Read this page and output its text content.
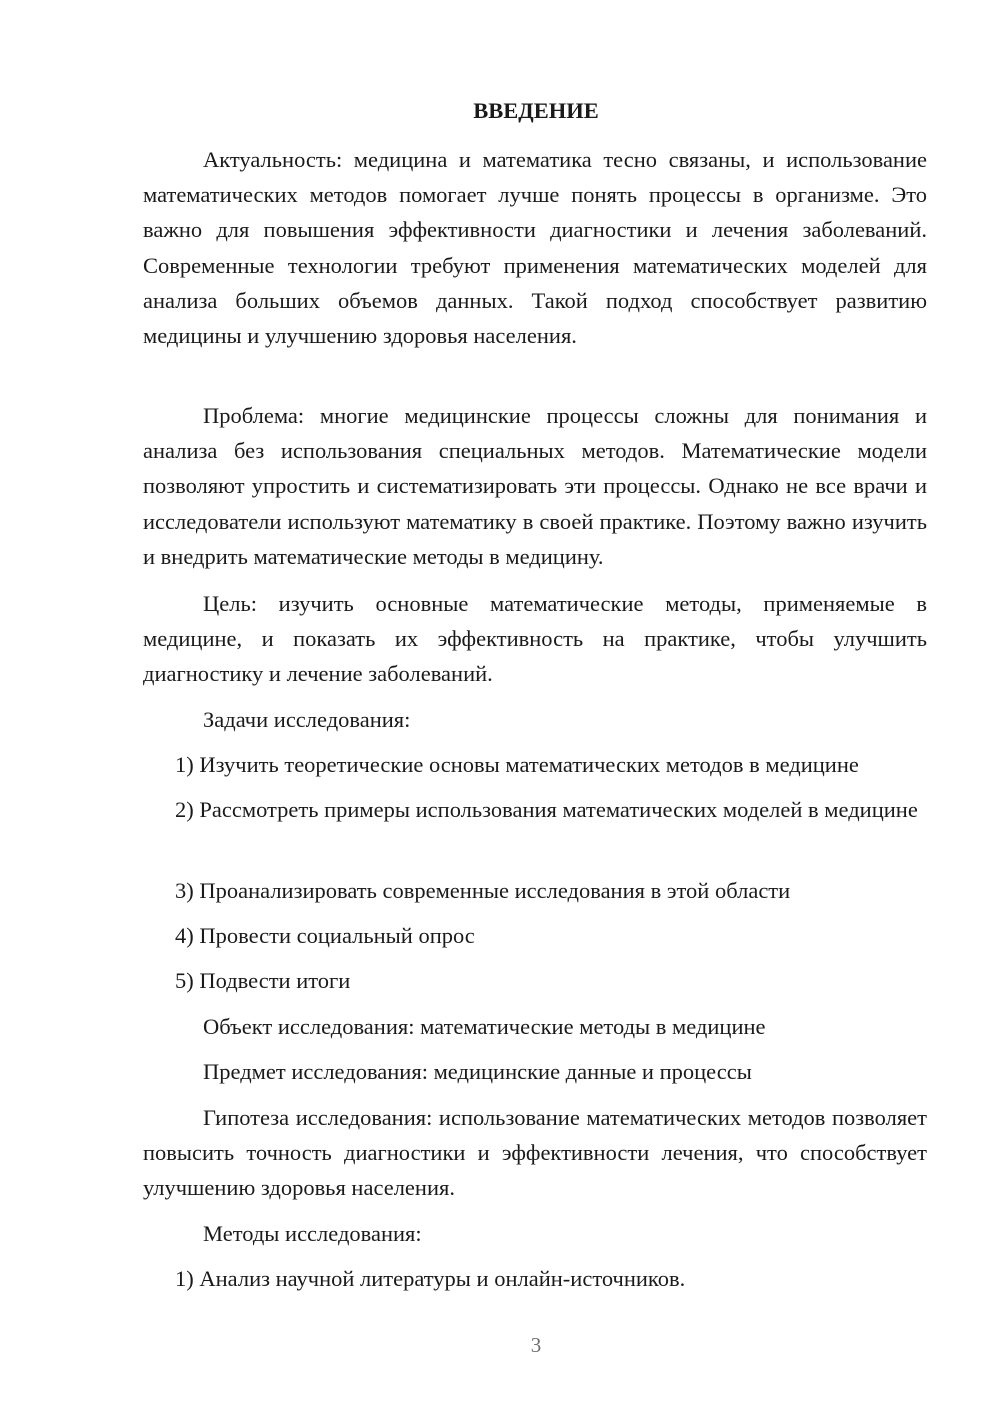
ВВЕДЕНИЕ

Актуальность: медицина и математика тесно связаны, и использование математических методов помогает лучше понять процессы в организме. Это важно для повышения эффективности диагностики и лечения заболеваний. Современные технологии требуют применения математических моделей для анализа больших объемов данных. Такой подход способствует развитию медицины и улучшению здоровья населения.

Проблема: многие медицинские процессы сложны для понимания и анализа без использования специальных методов. Математические модели позволяют упростить и систематизировать эти процессы. Однако не все врачи и исследователи используют математику в своей практике. Поэтому важно изучить и внедрить математические методы в медицину.

Цель: изучить основные математические методы, применяемые в медицине, и показать их эффективность на практике, чтобы улучшить диагностику и лечение заболеваний.

Задачи исследования:

1) Изучить теоретические основы математических методов в медицине

2) Рассмотреть примеры использования математических моделей в медицине

3) Проанализировать современные исследования в этой области

4) Провести социальный опрос

5) Подвести итоги

Объект исследования: математические методы в медицине

Предмет исследования: медицинские данные и процессы

Гипотеза исследования: использование математических методов позволяет повысить точность диагностики и эффективности лечения, что способствует улучшению здоровья населения.

Методы исследования:

1) Анализ научной литературы и онлайн-источников.

3
